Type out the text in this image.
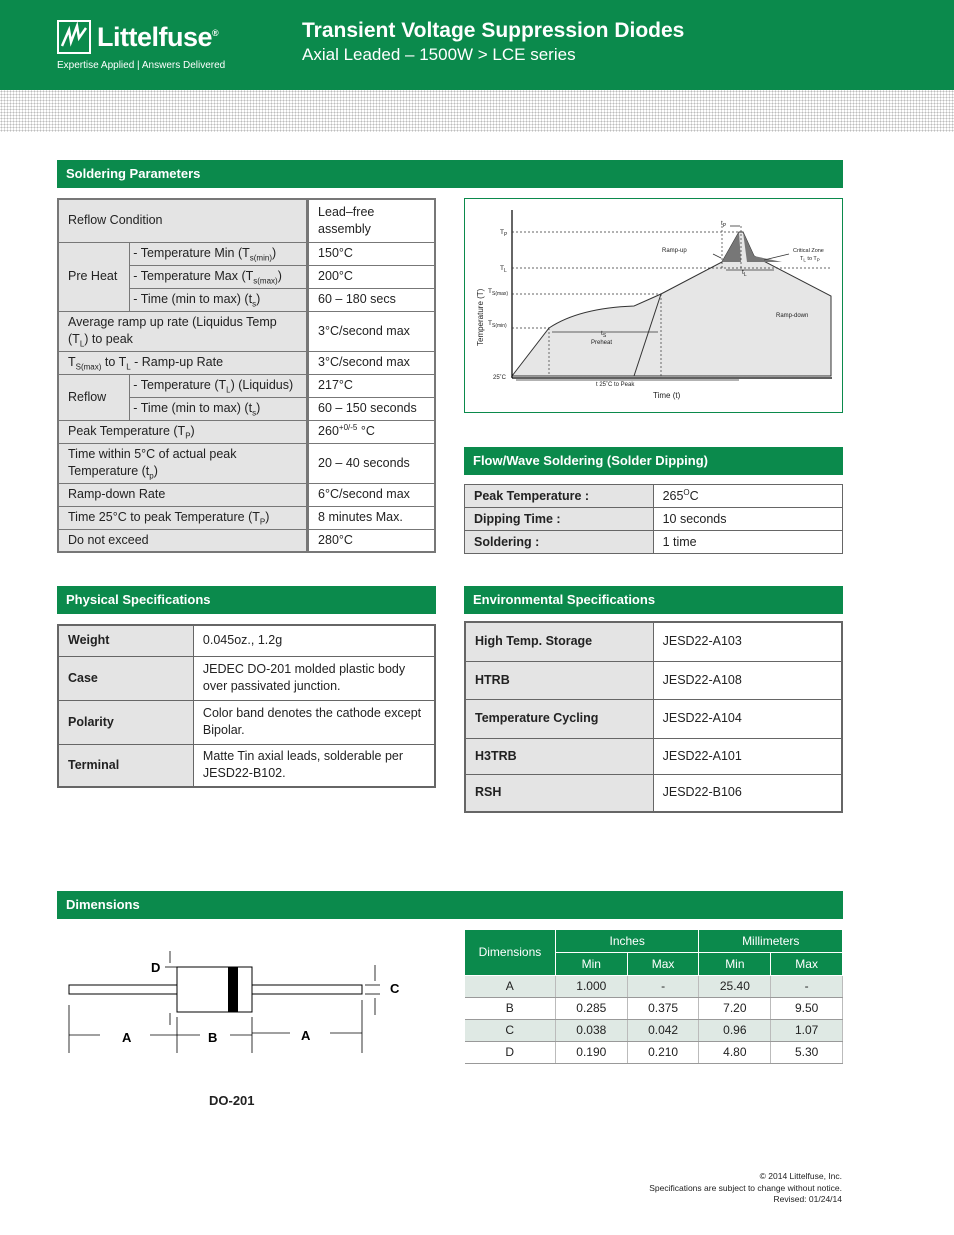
Littelfuse®
Expertise Applied | Answers Delivered
Transient Voltage Suppression Diodes
Axial Leaded – 1500W > LCE series
Soldering Parameters
Reflow Condition		Lead–free assembly
Pre Heat	- Temperature Min $(T_{s(min)})$	150°C
	- Temperature Max $(T_{s(max)})$	200°C
	- Time (min to max) $(t_s)$	60 – 180 secs
Average ramp up rate (Liquidus Temp $(T_L)$ to peak		3°C/second max
$T_{S(max)}$ to $T_L$ - Ramp-up Rate		3°C/second max
Reflow	- Temperature $(T_L)$ (Liquidus)	217°C
	- Time (min to max) $(t_s)$	60 – 150 seconds
Peak Temperature $(T_P)$		$260^{+0/-5}$ °C
Time within 5°C of actual peak Temperature $(t_p)$		20 – 40 seconds
Ramp-down Rate		6°C/second max
Time 25°C to peak Temperature $(T_P)$		8 minutes Max.
Do not exceed		280°C
$T_P$
$T_L$
$T_{S(max)}$
$T_{S(min)}$
25˚C
$t_P$
$t_L$
$t_S$
Preheat
Ramp-up
Ramp-down
Critical Zone
$T_L$ to $T_P$
t 25˚C to Peak
Time (t)
Temperature (T)
Flow/Wave Soldering (Solder Dipping)
Peak Temperature :	$265^OC$
Dipping Time :	10 seconds
Soldering :	1 time
Physical Specifications
Weight	0.045oz., 1.2g
Case	JEDEC DO-201 molded plastic body over passivated junction.
Polarity	Color band denotes the cathode except Bipolar.
Terminal	Matte Tin axial leads, solderable per JESD22-B102.
Environmental Specifications
High Temp. Storage	JESD22-A103
HTRB	JESD22-A108
Temperature Cycling	JESD22-A104
H3TRB	JESD22-A101
RSH	JESD22-B106
Dimensions
D
C
A	B	A
DO-201
Dimensions	Inches		Millimeters	
	Min	Max	Min	Max
A	1.000	-	25.40	-
B	0.285	0.375	7.20	9.50
C	0.038	0.042	0.96	1.07
D	0.190	0.210	4.80	5.30
© 2014 Littelfuse, Inc.
Specifications are subject to change without notice.
Revised: 01/24/14
